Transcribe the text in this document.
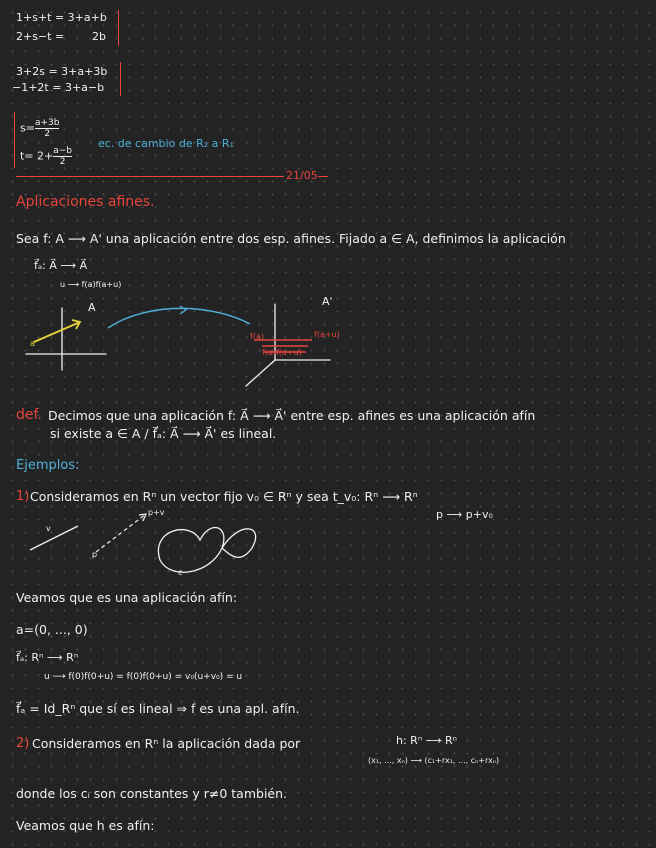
1+s+t = 3+a+b
2+s−t =	2b
3+2s = 3+a+3b
−1+2t = 3+a−b
$s= \frac{a+3b}{2}$
$t= 2+ \frac{a-b}{2}$
ec. de cambio de R₂ a R₁
21/05
Aplicaciones afines.
Sea f: A ⟶ A' una aplicación entre dos esp. afines. Fijado a ∈ A, definimos la aplicación
f⃗ₐ: A⃗ ⟶ A⃗
u ⟶ f(a)f(a+u)
A	A'
a
f(a)	f(a+u)
f(a)f(a+u)
def. Decimos que una aplicación f: A⃗ ⟶ A⃗' entre esp. afines es una aplicación afín
si existe a ∈ A / f⃗ₐ: A⃗ ⟶ A⃗' es lineal.
Ejemplos:
1) Consideramos en Rⁿ un vector fijo v₀ ∈ Rⁿ y sea t_v₀: Rⁿ ⟶ Rⁿ
p ⟶ p+v₀
v
p
p+v
c
Veamos que es una aplicación afín:
a=(0, ..., 0)
f⃗ₐ: Rⁿ ⟶ Rⁿ
u ⟶ f(0)f(0+u) = f(0)f(0+u) = v₀(u+v₀) = u
f⃗ₐ = Id_Rⁿ que sí es lineal ⇒ f es una apl. afín.
2) Consideramos en Rⁿ la aplicación dada por	h: Rⁿ ⟶ Rⁿ
(x₁, ..., xₙ) ⟶ (c₁+rx₁, ..., cₙ+rxₙ)
donde los cᵢ son constantes y r≠0 también.
Veamos que h es afín:
